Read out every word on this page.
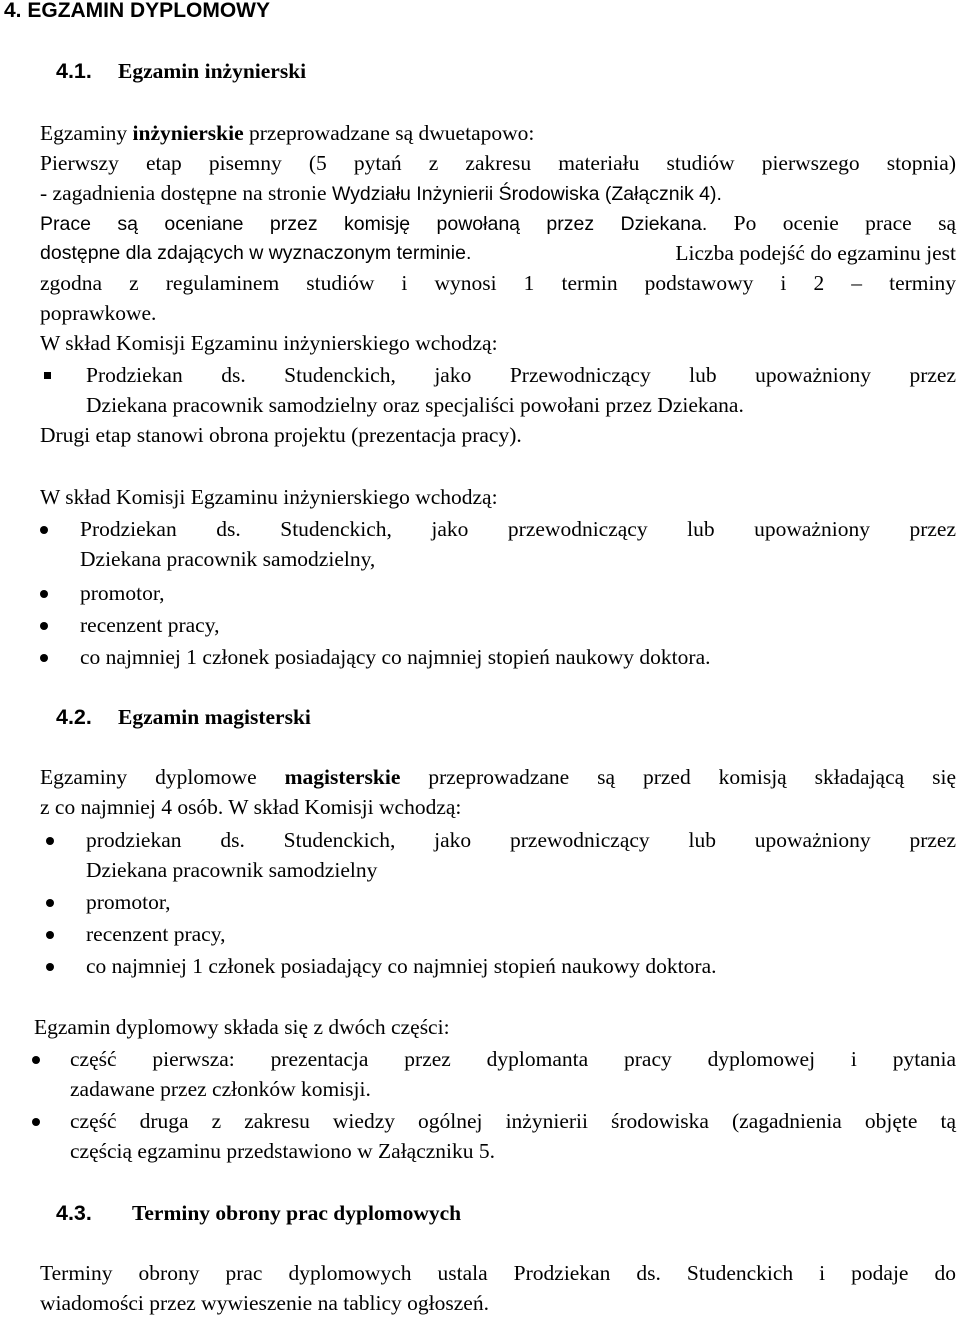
4. EGZAMIN DYPLOMOWY
4.1. Egzamin inżynierski
Egzaminy inżynierskie przeprowadzane są dwuetapowo:
Pierwszy etap pisemny (5 pytań z zakresu materiału studiów pierwszego stopnia)
- zagadnienia dostępne na stronie Wydziału Inżynierii Środowiska (Załącznik 4).
Prace są oceniane przez komisję powołaną przez Dziekana. Po ocenie prace są
dostępne dla zdających w wyznaczonym terminie.	Liczba podejść do egzaminu jest
zgodna z regulaminem studiów i wynosi 1 termin podstawowy i 2 – terminy
poprawkowe.
W skład Komisji Egzaminu inżynierskiego wchodzą:
Prodziekan ds. Studenckich, jako Przewodniczący lub upoważniony przez
Dziekana pracownik samodzielny oraz specjaliści powołani przez Dziekana.
Drugi etap stanowi obrona projektu (prezentacja pracy).
W skład Komisji Egzaminu inżynierskiego wchodzą:
Prodziekan ds. Studenckich, jako przewodniczący lub upoważniony przez
Dziekana pracownik samodzielny,
promotor,
recenzent pracy,
co najmniej 1 członek posiadający co najmniej stopień naukowy doktora.
4.2. Egzamin magisterski
Egzaminy dyplomowe magisterskie przeprowadzane są przed komisją składającą się
z co najmniej 4 osób. W skład Komisji wchodzą:
prodziekan ds. Studenckich, jako przewodniczący lub upoważniony przez
Dziekana pracownik samodzielny
promotor,
recenzent pracy,
co najmniej 1 członek posiadający co najmniej stopień naukowy doktora.
Egzamin dyplomowy składa się z dwóch części:
część pierwsza: prezentacja przez dyplomanta pracy dyplomowej i pytania
zadawane przez członków komisji.
część druga z zakresu wiedzy ogólnej inżynierii środowiska (zagadnienia objęte tą
częścią egzaminu przedstawiono w Załączniku 5.
4.3. Terminy obrony prac dyplomowych
Terminy obrony prac dyplomowych ustala Prodziekan ds. Studenckich i podaje do
wiadomości przez wywieszenie na tablicy ogłoszeń.
